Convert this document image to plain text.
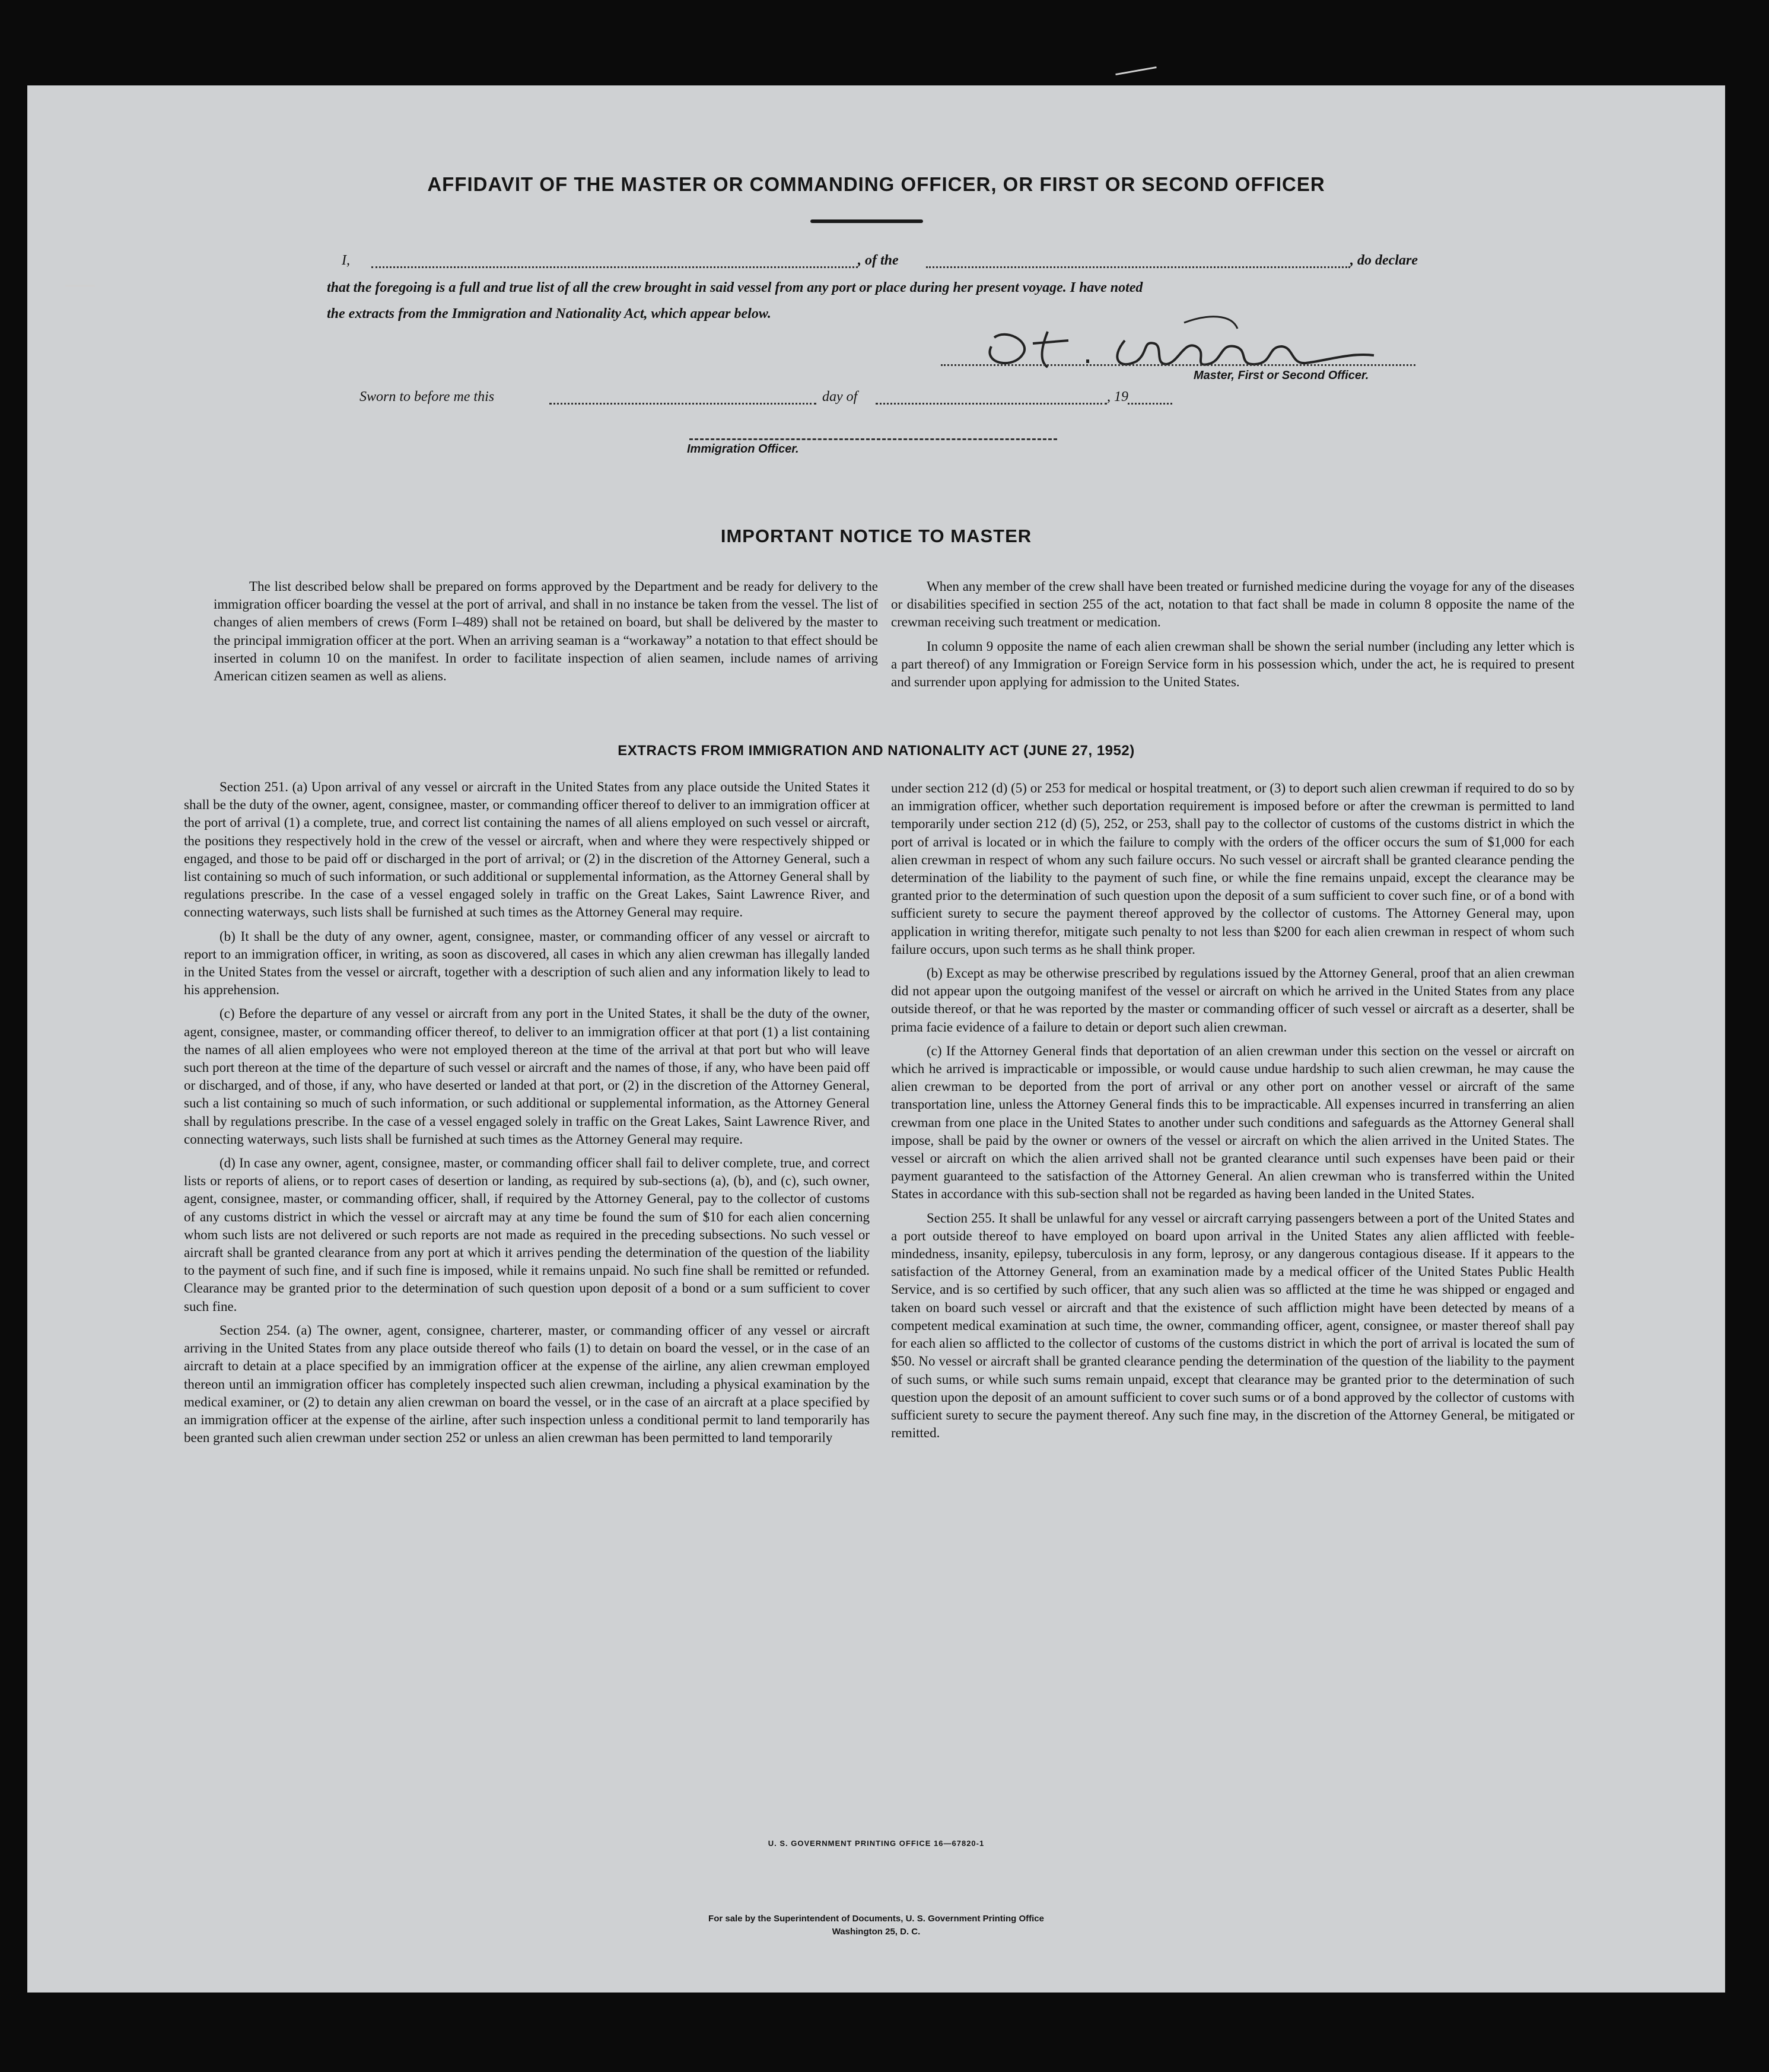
AFFIDAVIT OF THE MASTER OR COMMANDING OFFICER, OR FIRST OR SECOND OFFICER
I,	, of the	, do declare
that the foregoing is a full and true list of all the crew brought in said vessel from any port or place during her present voyage. I have noted
the extracts from the Immigration and Nationality Act, which appear below.
Master, First or Second Officer.
Sworn to before me this	day of	, 19
Immigration Officer.
IMPORTANT NOTICE TO MASTER

The list described below shall be prepared on forms approved by the Department and be ready for delivery to the immigration officer boarding the vessel at the port of arrival, and shall in no instance be taken from the vessel. The list of changes of alien members of crews (Form I–489) shall not be retained on board, but shall be delivered by the master to the principal immigration officer at the port. When an arriving seaman is a “workaway” a notation to that effect should be inserted in column 10 on the manifest. In order to facilitate inspection of alien seamen, include names of arriving American citizen seamen as well as aliens.

When any member of the crew shall have been treated or furnished medicine during the voyage for any of the diseases or disabilities specified in section 255 of the act, notation to that fact shall be made in column 8 opposite the name of the crewman receiving such treatment or medication.

In column 9 opposite the name of each alien crewman shall be shown the serial number (including any letter which is a part thereof) of any Immigration or Foreign Service form in his possession which, under the act, he is required to present and surrender upon applying for admission to the United States.

EXTRACTS FROM IMMIGRATION AND NATIONALITY ACT (JUNE 27, 1952)

Section 251. (a) Upon arrival of any vessel or aircraft in the United States from any place outside the United States it shall be the duty of the owner, agent, consignee, master, or commanding officer thereof to deliver to an immigration officer at the port of arrival (1) a complete, true, and correct list containing the names of all aliens employed on such vessel or aircraft, the positions they respectively hold in the crew of the vessel or aircraft, when and where they were respectively shipped or engaged, and those to be paid off or discharged in the port of arrival; or (2) in the discretion of the Attorney General, such a list containing so much of such information, or such additional or supplemental information, as the Attorney General shall by regulations prescribe. In the case of a vessel engaged solely in traffic on the Great Lakes, Saint Lawrence River, and connecting waterways, such lists shall be furnished at such times as the Attorney General may require.

(b) It shall be the duty of any owner, agent, consignee, master, or commanding officer of any vessel or aircraft to report to an immigration officer, in writing, as soon as discovered, all cases in which any alien crewman has illegally landed in the United States from the vessel or aircraft, together with a description of such alien and any information likely to lead to his apprehension.

(c) Before the departure of any vessel or aircraft from any port in the United States, it shall be the duty of the owner, agent, consignee, master, or commanding officer thereof, to deliver to an immigration officer at that port (1) a list containing the names of all alien employees who were not employed thereon at the time of the arrival at that port but who will leave such port thereon at the time of the departure of such vessel or aircraft and the names of those, if any, who have been paid off or discharged, and of those, if any, who have deserted or landed at that port, or (2) in the discretion of the Attorney General, such a list containing so much of such information, or such additional or supplemental information, as the Attorney General shall by regulations prescribe. In the case of a vessel engaged solely in traffic on the Great Lakes, Saint Lawrence River, and connecting waterways, such lists shall be furnished at such times as the Attorney General may require.

(d) In case any owner, agent, consignee, master, or commanding officer shall fail to deliver complete, true, and correct lists or reports of aliens, or to report cases of desertion or landing, as required by sub-sections (a), (b), and (c), such owner, agent, consignee, master, or commanding officer, shall, if required by the Attorney General, pay to the collector of customs of any customs district in which the vessel or aircraft may at any time be found the sum of $10 for each alien concerning whom such lists are not delivered or such reports are not made as required in the preceding subsections. No such vessel or aircraft shall be granted clearance from any port at which it arrives pending the determination of the question of the liability to the payment of such fine, and if such fine is imposed, while it remains unpaid. No such fine shall be remitted or refunded. Clearance may be granted prior to the determination of such question upon deposit of a bond or a sum sufficient to cover such fine.

Section 254. (a) The owner, agent, consignee, charterer, master, or commanding officer of any vessel or aircraft arriving in the United States from any place outside thereof who fails (1) to detain on board the vessel, or in the case of an aircraft to detain at a place specified by an immigration officer at the expense of the airline, any alien crewman employed thereon until an immigration officer has completely inspected such alien crewman, including a physical examination by the medical examiner, or (2) to detain any alien crewman on board the vessel, or in the case of an aircraft at a place specified by an immigration officer at the expense of the airline, after such inspection unless a conditional permit to land temporarily has been granted such alien crewman under section 252 or unless an alien crewman has been permitted to land temporarily

under section 212 (d) (5) or 253 for medical or hospital treatment, or (3) to deport such alien crewman if required to do so by an immigration officer, whether such deportation requirement is imposed before or after the crewman is permitted to land temporarily under section 212 (d) (5), 252, or 253, shall pay to the collector of customs of the customs district in which the port of arrival is located or in which the failure to comply with the orders of the officer occurs the sum of $1,000 for each alien crewman in respect of whom any such failure occurs. No such vessel or aircraft shall be granted clearance pending the determination of the liability to the payment of such fine, or while the fine remains unpaid, except the clearance may be granted prior to the determination of such question upon the deposit of a sum sufficient to cover such fine, or of a bond with sufficient surety to secure the payment thereof approved by the collector of customs. The Attorney General may, upon application in writing therefor, mitigate such penalty to not less than $200 for each alien crewman in respect of whom such failure occurs, upon such terms as he shall think proper.

(b) Except as may be otherwise prescribed by regulations issued by the Attorney General, proof that an alien crewman did not appear upon the outgoing manifest of the vessel or aircraft on which he arrived in the United States from any place outside thereof, or that he was reported by the master or commanding officer of such vessel or aircraft as a deserter, shall be prima facie evidence of a failure to detain or deport such alien crewman.

(c) If the Attorney General finds that deportation of an alien crewman under this section on the vessel or aircraft on which he arrived is impracticable or impossible, or would cause undue hardship to such alien crewman, he may cause the alien crewman to be deported from the port of arrival or any other port on another vessel or aircraft of the same transportation line, unless the Attorney General finds this to be impracticable. All expenses incurred in transferring an alien crewman from one place in the United States to another under such conditions and safeguards as the Attorney General shall impose, shall be paid by the owner or owners of the vessel or aircraft on which the alien arrived in the United States. The vessel or aircraft on which the alien arrived shall not be granted clearance until such expenses have been paid or their payment guaranteed to the satisfaction of the Attorney General. An alien crewman who is transferred within the United States in accordance with this sub-section shall not be regarded as having been landed in the United States.

Section 255. It shall be unlawful for any vessel or aircraft carrying passengers between a port of the United States and a port outside thereof to have employed on board upon arrival in the United States any alien afflicted with feeble-mindedness, insanity, epilepsy, tuberculosis in any form, leprosy, or any dangerous contagious disease. If it appears to the satisfaction of the Attorney General, from an examination made by a medical officer of the United States Public Health Service, and is so certified by such officer, that any such alien was so afflicted at the time he was shipped or engaged and taken on board such vessel or aircraft and that the existence of such affliction might have been detected by means of a competent medical examination at such time, the owner, commanding officer, agent, consignee, or master thereof shall pay for each alien so afflicted to the collector of customs of the customs district in which the port of arrival is located the sum of $50. No vessel or aircraft shall be granted clearance pending the determination of the question of the liability to the payment of such sums, or while such sums remain unpaid, except that clearance may be granted prior to the determination of such question upon the deposit of an amount sufficient to cover such sums or of a bond approved by the collector of customs with sufficient surety to secure the payment thereof. Any such fine may, in the discretion of the Attorney General, be mitigated or remitted.

U. S. GOVERNMENT PRINTING OFFICE 16—67820-1
For sale by the Superintendent of Documents, U. S. Government Printing Office
Washington 25, D. C.
